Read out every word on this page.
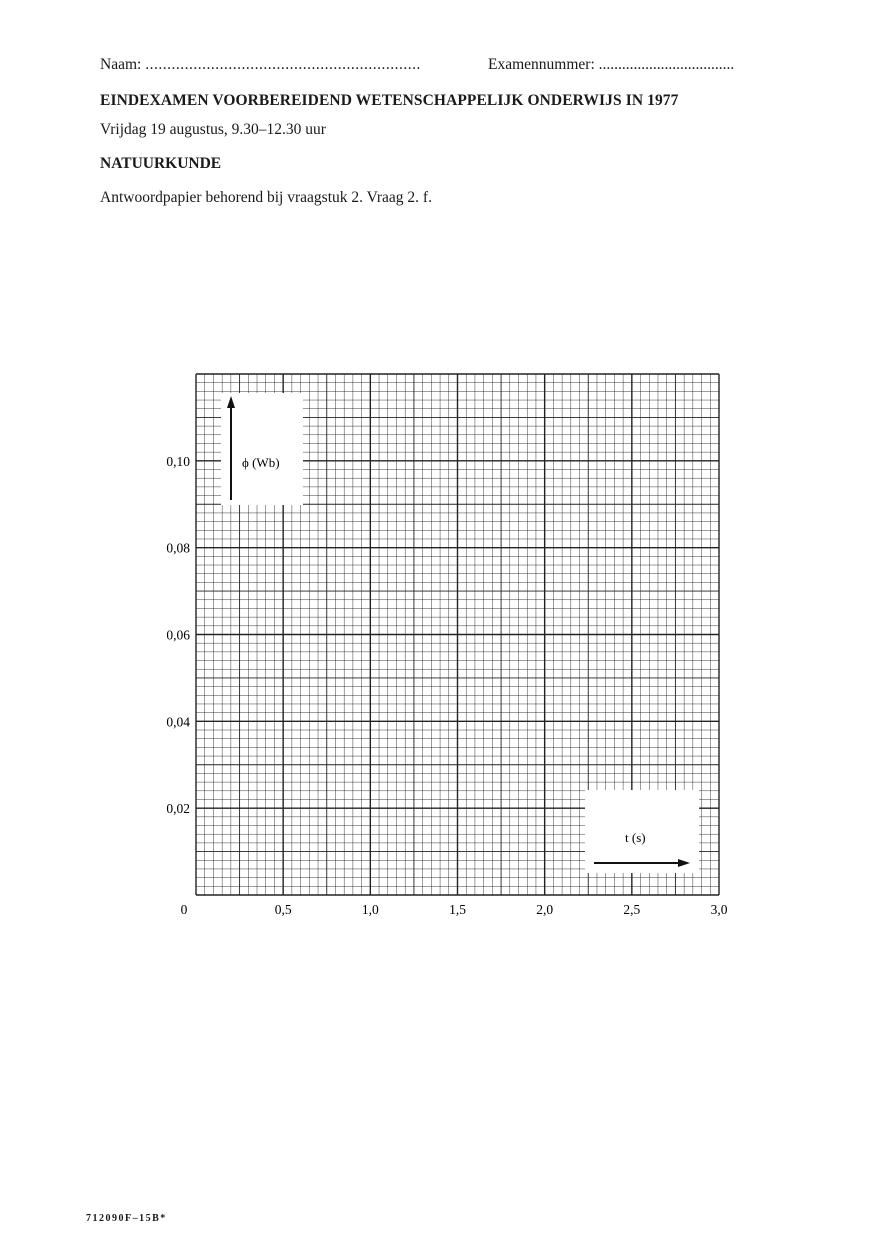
Naam: ...............................................................	Examennummer: ...................................
EINDEXAMEN VOORBEREIDEND WETENSCHAPPELIJK ONDERWIJS IN 1977
Vrijdag 19 augustus, 9.30–12.30 uur
NATUURKUNDE
Antwoordpapier behorend bij vraagstuk 2. Vraag 2. f.
0	0,5	1,0	1,5	2,0	2,5	3,0
0,02
0,04
0,06
0,08
0,10	ϕ (Wb)
t (s)
712090F–15B*
